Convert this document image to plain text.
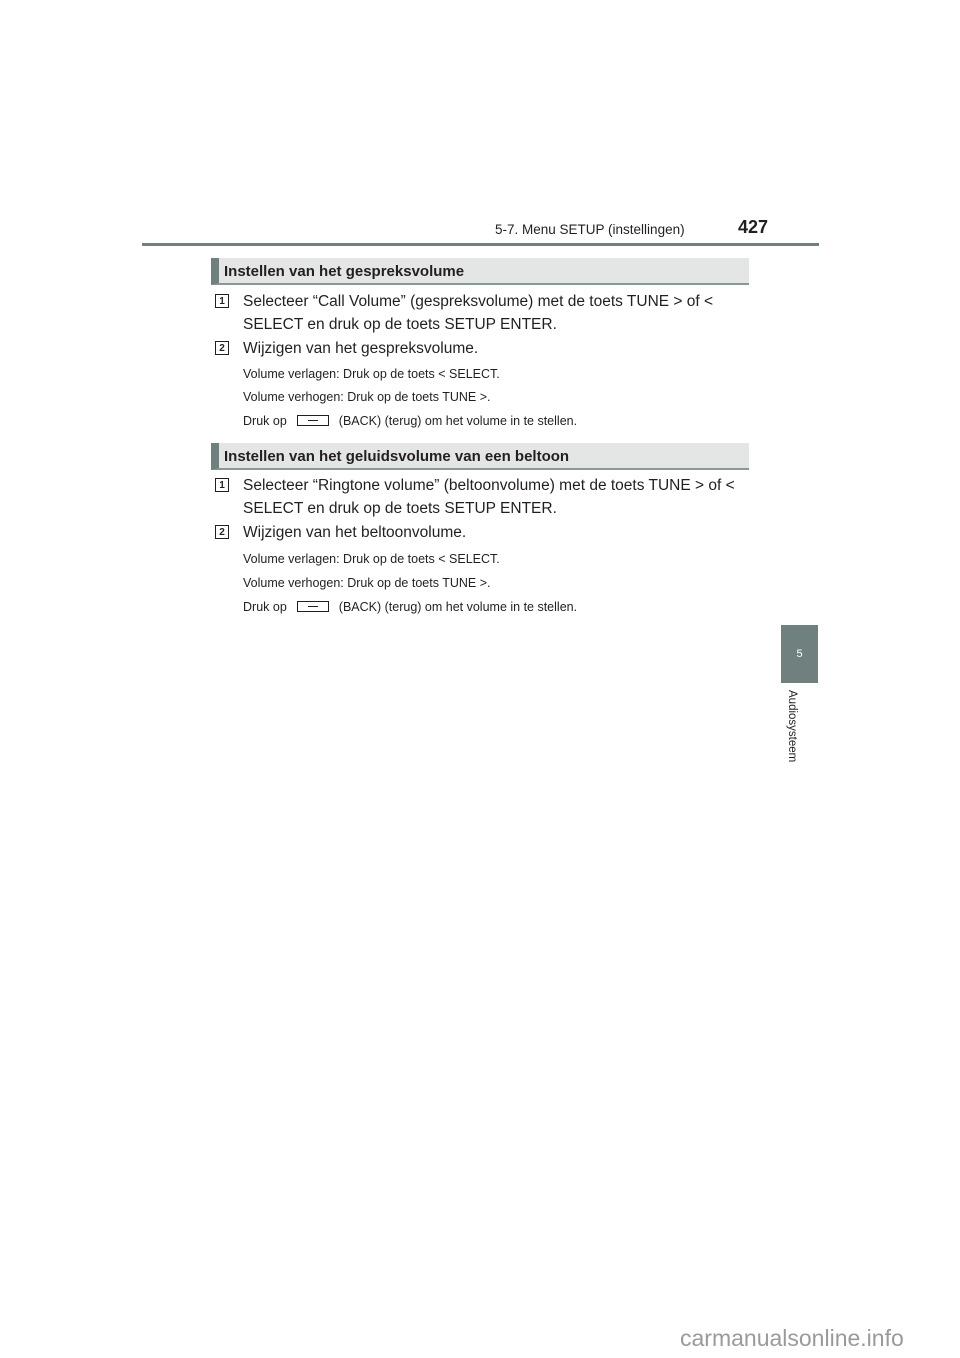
5-7. Menu SETUP (instellingen)	427
5
Audiosysteem
Instellen van het gespreksvolume
1 Selecteer “Call Volume” (gespreksvolume) met de toets TUNE > of < SELECT en druk op de toets SETUP ENTER.
2 Wijzigen van het gespreksvolume.
Volume verlagen: Druk op de toets < SELECT.
Volume verhogen: Druk op de toets TUNE >.
Druk op	(BACK) (terug) om het volume in te stellen.
Instellen van het geluidsvolume van een beltoon
1 Selecteer “Ringtone volume” (beltoonvolume) met de toets TUNE > of < SELECT en druk op de toets SETUP ENTER.
2 Wijzigen van het beltoonvolume.
Volume verlagen: Druk op de toets < SELECT.
Volume verhogen: Druk op de toets TUNE >.
Druk op	(BACK) (terug) om het volume in te stellen.
carmanualsonline.info
